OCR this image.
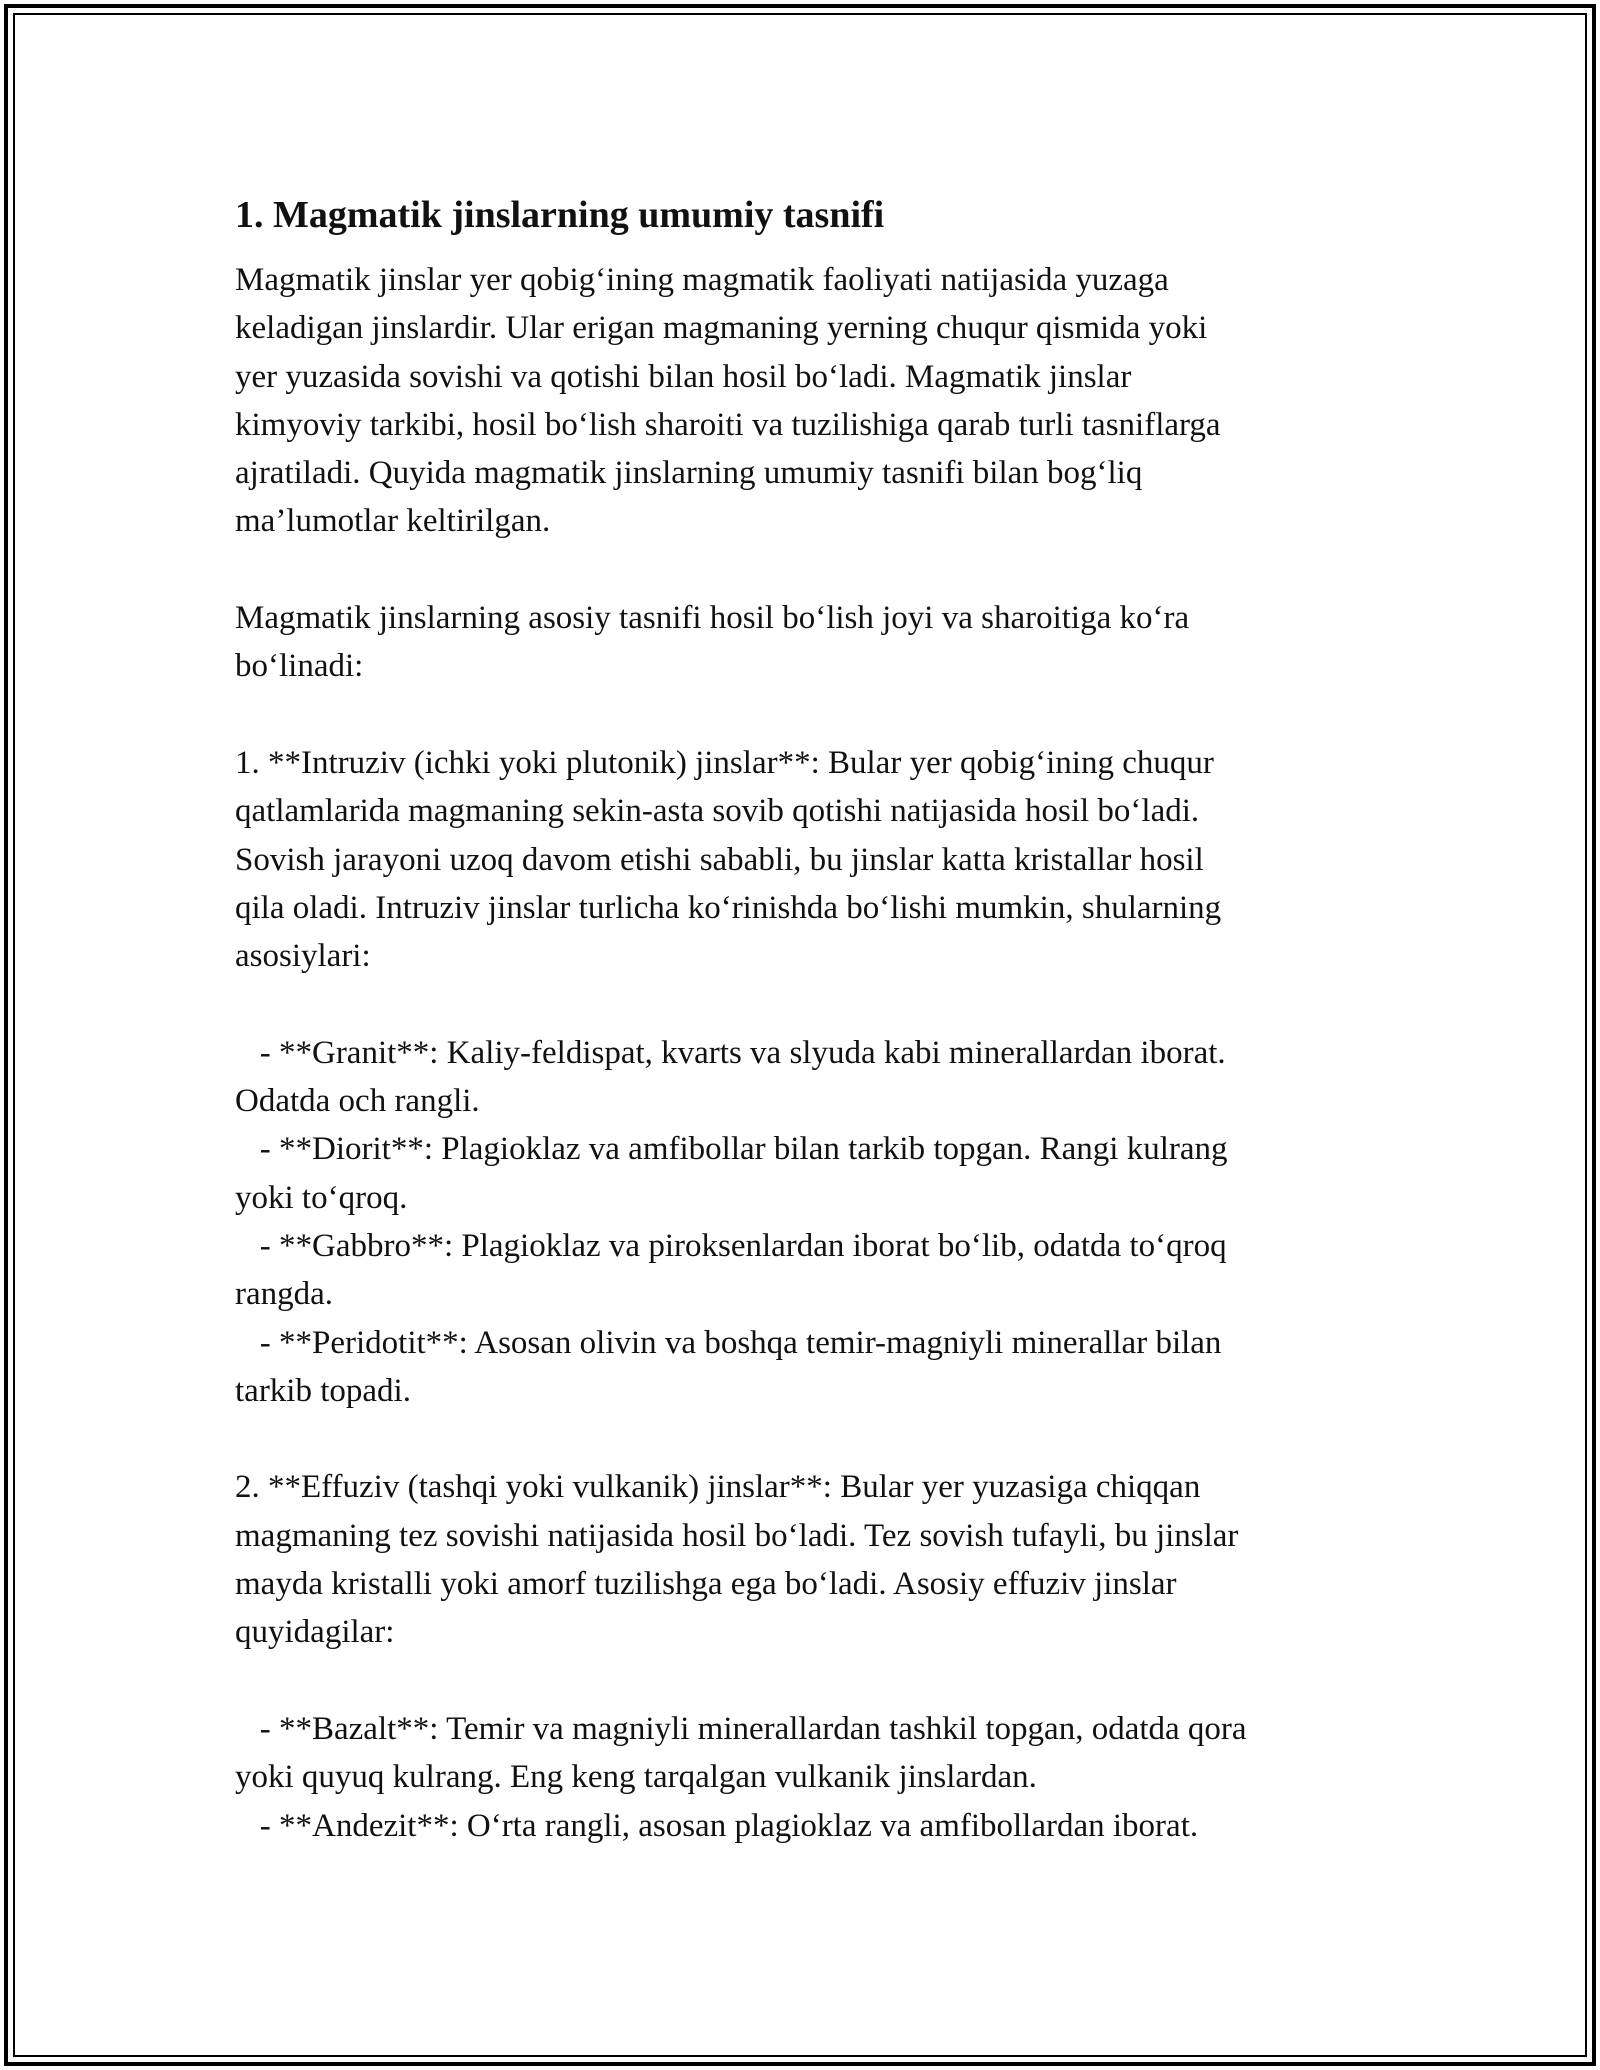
1. Magmatik jinslarning umumiy tasnifi

Magmatik jinslar yer qobig‘ining magmatik faoliyati natijasida yuzaga
keladigan jinslardir. Ular erigan magmaning yerning chuqur qismida yoki
yer yuzasida sovishi va qotishi bilan hosil bo‘ladi. Magmatik jinslar
kimyoviy tarkibi, hosil bo‘lish sharoiti va tuzilishiga qarab turli tasniflarga
ajratiladi. Quyida magmatik jinslarning umumiy tasnifi bilan bog‘liq
ma’lumotlar keltirilgan.

Magmatik jinslarning asosiy tasnifi hosil bo‘lish joyi va sharoitiga ko‘ra
bo‘linadi:

1. **Intruziv (ichki yoki plutonik) jinslar**: Bular yer qobig‘ining chuqur
qatlamlarida magmaning sekin-asta sovib qotishi natijasida hosil bo‘ladi.
Sovish jarayoni uzoq davom etishi sababli, bu jinslar katta kristallar hosil
qila oladi. Intruziv jinslar turlicha ko‘rinishda bo‘lishi mumkin, shularning
asosiylari:

- **Granit**: Kaliy-feldispat, kvarts va slyuda kabi minerallardan iborat.
Odatda och rangli.
- **Diorit**: Plagioklaz va amfibollar bilan tarkib topgan. Rangi kulrang
yoki to‘qroq.
- **Gabbro**: Plagioklaz va piroksenlardan iborat bo‘lib, odatda to‘qroq
rangda.
- **Peridotit**: Asosan olivin va boshqa temir-magniyli minerallar bilan
tarkib topadi.

2. **Effuziv (tashqi yoki vulkanik) jinslar**: Bular yer yuzasiga chiqqan
magmaning tez sovishi natijasida hosil bo‘ladi. Tez sovish tufayli, bu jinslar
mayda kristalli yoki amorf tuzilishga ega bo‘ladi. Asosiy effuziv jinslar
quyidagilar:

- **Bazalt**: Temir va magniyli minerallardan tashkil topgan, odatda qora
yoki quyuq kulrang. Eng keng tarqalgan vulkanik jinslardan.
- **Andezit**: O‘rta rangli, asosan plagioklaz va amfibollardan iborat.
